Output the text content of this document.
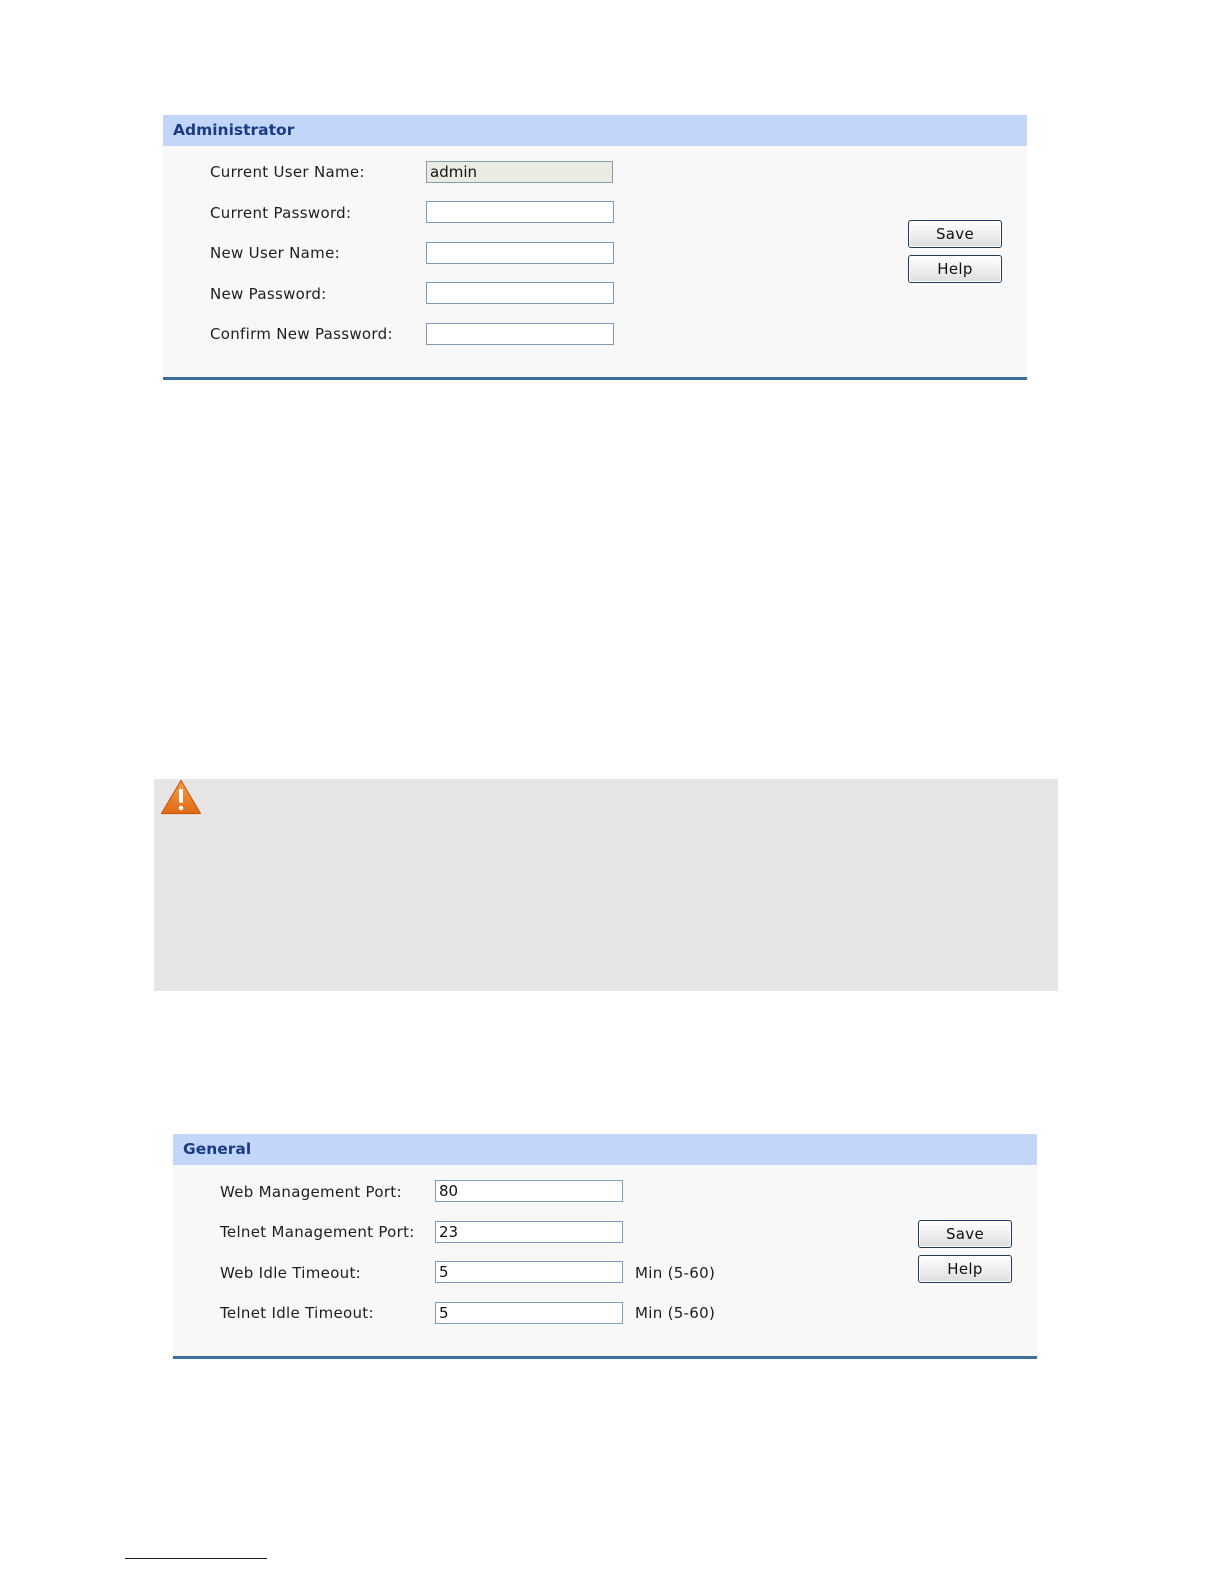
Administrator
Current User Name:	admin
Current Password:
New User Name:
New Password:
Confirm New Password:
Save
Help
General
Web Management Port: 80
Telnet Management Port: 23
Web Idle Timeout:	5	Min (5-60)
Telnet Idle Timeout:	5	Min (5-60)
Save
Help
